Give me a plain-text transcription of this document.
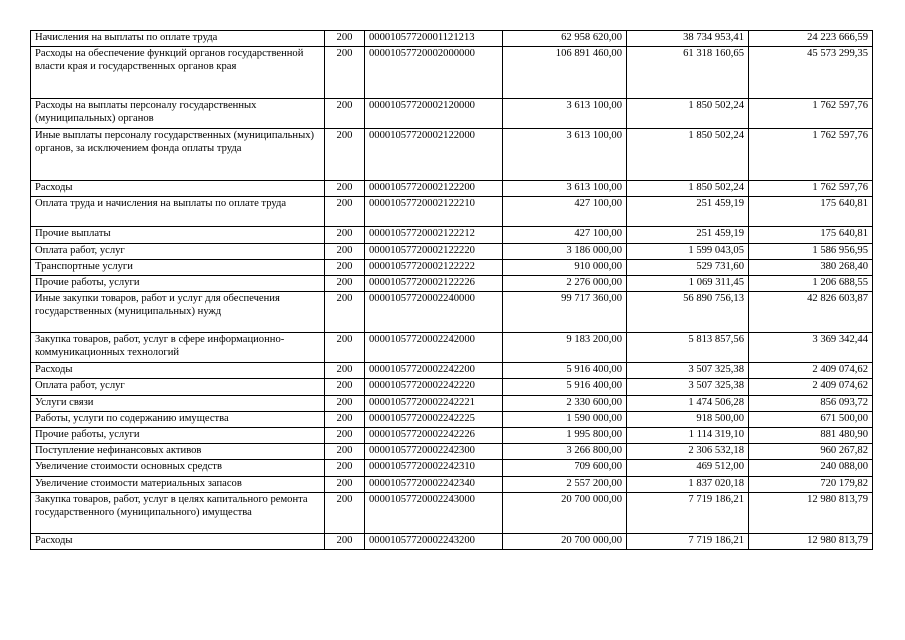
Начисления на выплаты по оплате труда	200	00001057720001121213	62 958 620,00	38 734 953,41	24 223 666,59
Расходы на обеспечение функций органов государственной власти края и государственных органов края	200	00001057720002000000	106 891 460,00	61 318 160,65	45 573 299,35
Расходы на выплаты персоналу государственных (муниципальных) органов	200	00001057720002120000	3 613 100,00	1 850 502,24	1 762 597,76
Иные выплаты персоналу государственных (муниципальных) органов, за исключением фонда оплаты труда	200	00001057720002122000	3 613 100,00	1 850 502,24	1 762 597,76
Расходы	200	00001057720002122200	3 613 100,00	1 850 502,24	1 762 597,76
Оплата труда и начисления на выплаты по оплате труда	200	00001057720002122210	427 100,00	251 459,19	175 640,81
Прочие выплаты	200	00001057720002122212	427 100,00	251 459,19	175 640,81
Оплата работ, услуг	200	00001057720002122220	3 186 000,00	1 599 043,05	1 586 956,95
Транспортные услуги	200	00001057720002122222	910 000,00	529 731,60	380 268,40
Прочие работы, услуги	200	00001057720002122226	2 276 000,00	1 069 311,45	1 206 688,55
Иные закупки товаров, работ и услуг для обеспечения государственных (муниципальных) нужд	200	00001057720002240000	99 717 360,00	56 890 756,13	42 826 603,87
Закупка товаров, работ, услуг в сфере информационно-коммуникационных технологий	200	00001057720002242000	9 183 200,00	5 813 857,56	3 369 342,44
Расходы	200	00001057720002242200	5 916 400,00	3 507 325,38	2 409 074,62
Оплата работ, услуг	200	00001057720002242220	5 916 400,00	3 507 325,38	2 409 074,62
Услуги связи	200	00001057720002242221	2 330 600,00	1 474 506,28	856 093,72
Работы, услуги по содержанию имущества	200	00001057720002242225	1 590 000,00	918 500,00	671 500,00
Прочие работы, услуги	200	00001057720002242226	1 995 800,00	1 114 319,10	881 480,90
Поступление нефинансовых активов	200	00001057720002242300	3 266 800,00	2 306 532,18	960 267,82
Увеличение стоимости основных средств	200	00001057720002242310	709 600,00	469 512,00	240 088,00
Увеличение стоимости материальных запасов	200	00001057720002242340	2 557 200,00	1 837 020,18	720 179,82
Закупка товаров, работ, услуг в целях капитального ремонта государственного (муниципального) имущества	200	00001057720002243000	20 700 000,00	7 719 186,21	12 980 813,79
Расходы	200	00001057720002243200	20 700 000,00	7 719 186,21	12 980 813,79
